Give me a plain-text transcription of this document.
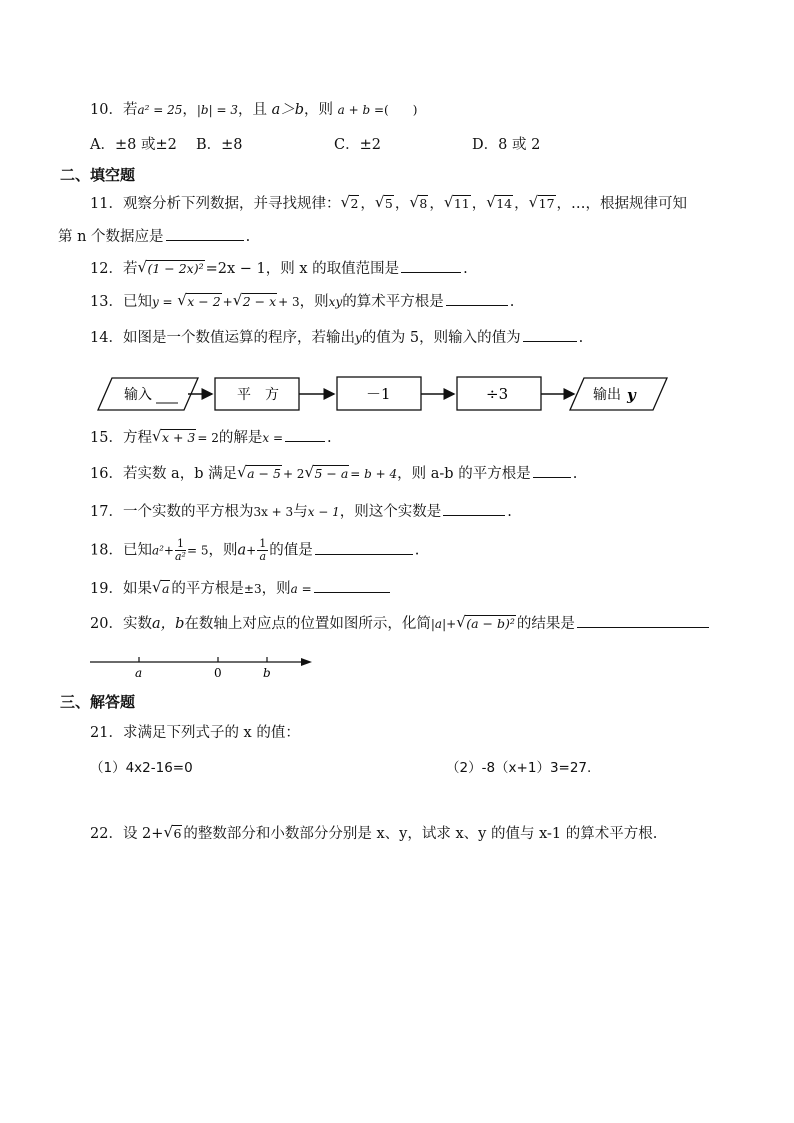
10．若a² = 25，|b| = 3，且 a＞b，则 a + b =(　　)
A．±8 或±2 B．±8	C．±2	D．8 或 2
二、填空题
11．观察分析下列数据，并寻找规律： √ 2 ， √ 5 ， √ 8 ， √ 11 ， √ 14 ， √ 17 ，…，根据规律可知
第 n 个数据应是	.
12．若 √ (1 − 2x)² =2x − 1，则 x 的取值范围是	.
13．已知y = √ x − 2 + √ 2 − x + 3，则xy的算术平方根是	.
14．如图是一个数值运算的程序，若输出y的值为 5，则输入的值为	.
输入	平　方	－1	÷3	输出 y
15．方程 √ x + 3 = 2的解是x =	.
16．若实数 a，b 满足 √ a − 5 + 2 √ 5 − a = b + 4，则 a-b 的平方根是	.
17．一个实数的平方根为3x + 3与x − 1，则这个实数是	.
18．已知$a^2+ \frac{1}{\text{a²}} = 5$，则$a+ \frac{1}{a}$ 的值是	.
19．如果 √ a 的平方根是±3，则a =
20．实数a，b在数轴上对应点的位置如图所示，化简|a|+ √ (a − b)² 的结果是
a	0	b
三、解答题
21．求满足下列式子的 x 的值：
（1）4x2-16=0	（2）-8（x+1）3=27.
22．设 2+ √ 6 的整数部分和小数部分分别是 x、y，试求 x、y 的值与 x-1 的算术平方根.
